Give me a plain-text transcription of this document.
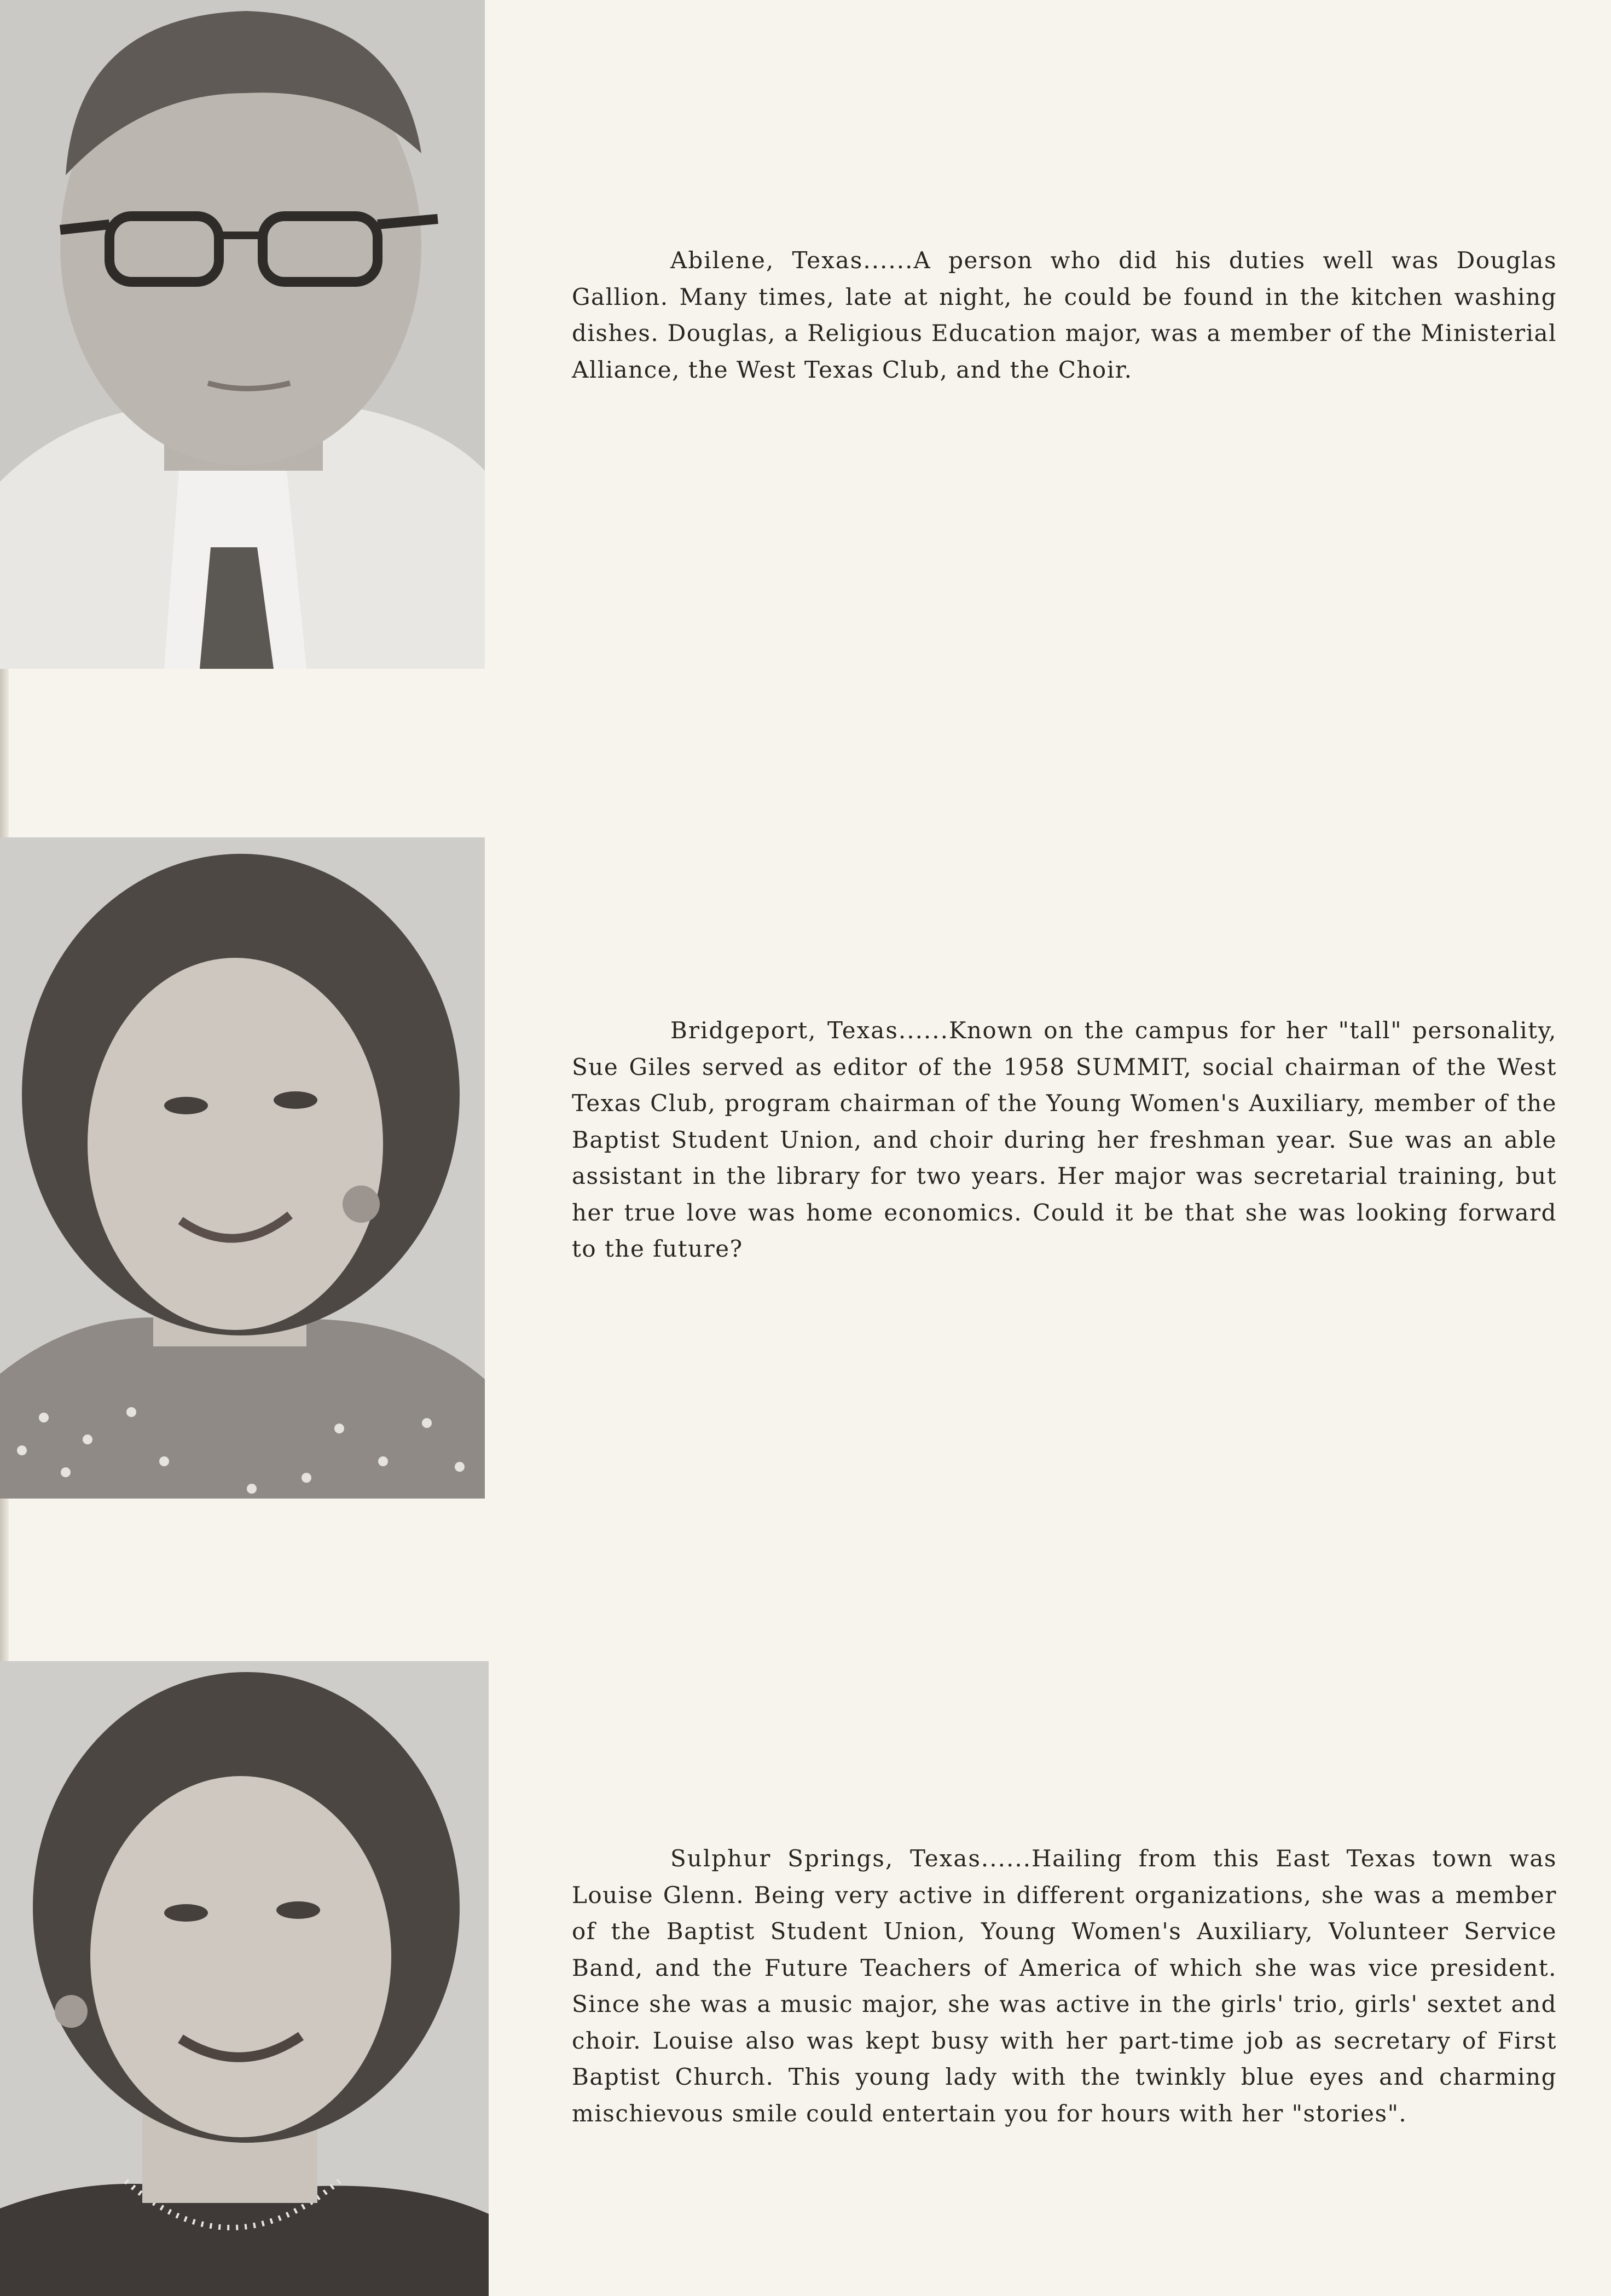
Abilene, Texas......A person who did his duties well was Douglas Gallion. Many times, late at night, he could be found in the kitchen washing dishes. Douglas, a Religious Education major, was a member of the Ministerial Alliance, the West Texas Club, and the Choir.

Bridgeport, Texas......Known on the campus for her "tall" personality, Sue Giles served as editor of the 1958 SUMMIT, social chairman of the West Texas Club, program chairman of the Young Women's Auxiliary, member of the Baptist Student Union, and choir during her freshman year. Sue was an able assistant in the library for two years. Her major was secretarial training, but her true love was home economics. Could it be that she was looking forward to the future?

Sulphur Springs, Texas......Hailing from this East Texas town was Louise Glenn. Being very active in different organizations, she was a member of the Baptist Student Union, Young Women's Auxiliary, Volunteer Service Band, and the Future Teachers of America of which she was vice president. Since she was a music major, she was active in the girls' trio, girls' sextet and choir. Louise also was kept busy with her part-time job as secretary of First Baptist Church. This young lady with the twinkly blue eyes and charming mischievous smile could entertain you for hours with her "stories".
